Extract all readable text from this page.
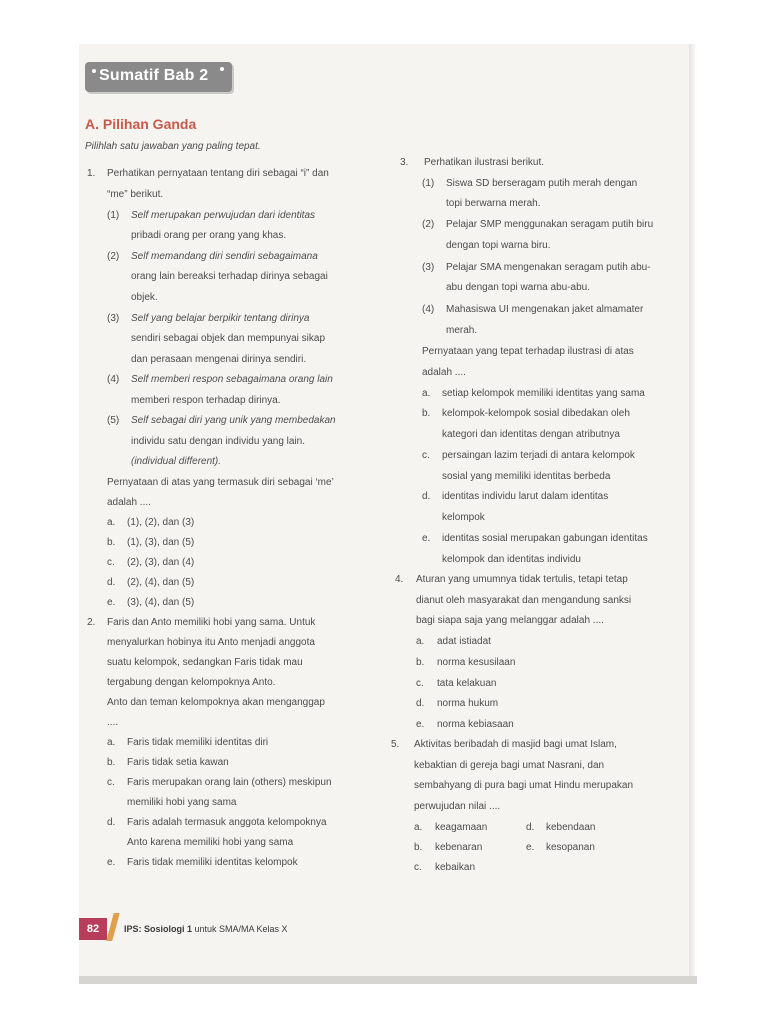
Sumatif Bab 2
A. Pilihan Ganda
Pilihlah satu jawaban yang paling tepat.
1. Perhatikan pernyataan tentang diri sebagai “i” dan
“me” berikut.
(1) Self merupakan perwujudan dari identitas
pribadi orang per orang yang khas.
(2) Self memandang diri sendiri sebagaimana
orang lain bereaksi terhadap dirinya sebagai
objek.
(3) Self yang belajar berpikir tentang dirinya
sendiri sebagai objek dan mempunyai sikap
dan perasaan mengenai dirinya sendiri.
(4) Self memberi respon sebagaimana orang lain
memberi respon terhadap dirinya.
(5) Self sebagai diri yang unik yang membedakan
individu satu dengan individu yang lain.
(individual different).
Pernyataan di atas yang termasuk diri sebagai ‘me’
adalah ....
a. (1), (2), dan (3)
b. (1), (3), dan (5)
c. (2), (3), dan (4)
d. (2), (4), dan (5)
e. (3), (4), dan (5)
2. Faris dan Anto memiliki hobi yang sama. Untuk
menyalurkan hobinya itu Anto menjadi anggota
suatu kelompok, sedangkan Faris tidak mau
tergabung dengan kelompoknya Anto.
Anto dan teman kelompoknya akan menganggap
....
a. Faris tidak memiliki identitas diri
b. Faris tidak setia kawan
c. Faris merupakan orang lain (others) meskipun
memiliki hobi yang sama
d. Faris adalah termasuk anggota kelompoknya
Anto karena memiliki hobi yang sama
e. Faris tidak memiliki identitas kelompok
3. Perhatikan ilustrasi berikut.
(1) Siswa SD berseragam putih merah dengan
topi berwarna merah.
(2) Pelajar SMP menggunakan seragam putih biru
dengan topi warna biru.
(3) Pelajar SMA mengenakan seragam putih abu-
abu dengan topi warna abu-abu.
(4) Mahasiswa UI mengenakan jaket almamater
merah.
Pernyataan yang tepat terhadap ilustrasi di atas
adalah ....
a. setiap kelompok memiliki identitas yang sama
b. kelompok-kelompok sosial dibedakan oleh
kategori dan identitas dengan atributnya
c. persaingan lazim terjadi di antara kelompok
sosial yang memiliki identitas berbeda
d. identitas individu larut dalam identitas
kelompok
e. identitas sosial merupakan gabungan identitas
kelompok dan identitas individu
4. Aturan yang umumnya tidak tertulis, tetapi tetap
dianut oleh masyarakat dan mengandung sanksi
bagi siapa saja yang melanggar adalah ....
a. adat istiadat
b. norma kesusilaan
c. tata kelakuan
d. norma hukum
e. norma kebiasaan
5. Aktivitas beribadah di masjid bagi umat Islam,
kebaktian di gereja bagi umat Nasrani, dan
sembahyang di pura bagi umat Hindu merupakan
perwujudan nilai ....
a. keagamaan	d. kebendaan
b. kebenaran	e. kesopanan
c. kebaikan
82	IPS: Sosiologi 1 untuk SMA/MA Kelas X
